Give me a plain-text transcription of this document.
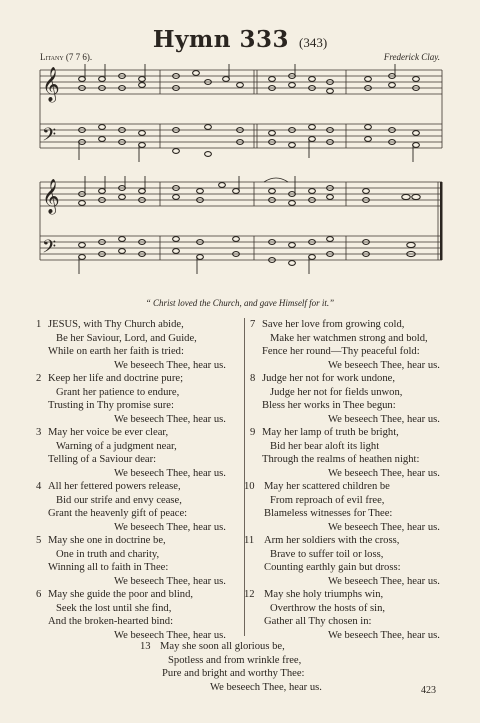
Hymn 333 (343)
Litany (7 7 6).	Frederick Clay.
𝄞
𝄢
𝄞
𝄢
“ Christ loved the Church, and gave Himself for it.”
1 JESUS, with Thy Church abide,
Be her Saviour, Lord, and Guide,
While on earth her faith is tried:
We beseech Thee, hear us.
2 Keep her life and doctrine pure;
Grant her patience to endure,
Trusting in Thy promise sure:
We beseech Thee, hear us.
3 May her voice be ever clear,
Warning of a judgment near,
Telling of a Saviour dear:
We beseech Thee, hear us.
4 All her fettered powers release,
Bid our strife and envy cease,
Grant the heavenly gift of peace:
We beseech Thee, hear us.
5 May she one in doctrine be,
One in truth and charity,
Winning all to faith in Thee:
We beseech Thee, hear us.
6 May she guide the poor and blind,
Seek the lost until she find,
And the broken-hearted bind:
We beseech Thee, hear us.
7 Save her love from growing cold,
Make her watchmen strong and bold,
Fence her round—Thy peaceful fold:
We beseech Thee, hear us.
8 Judge her not for work undone,
Judge her not for fields unwon,
Bless her works in Thee begun:
We beseech Thee, hear us.
9 May her lamp of truth be bright,
Bid her bear aloft its light
Through the realms of heathen night:
We beseech Thee, hear us.
10 May her scattered children be
From reproach of evil free,
Blameless witnesses for Thee:
We beseech Thee, hear us.
11 Arm her soldiers with the cross,
Brave to suffer toil or loss,
Counting earthly gain but dross:
We beseech Thee, hear us.
12 May she holy triumphs win,
Overthrow the hosts of sin,
Gather all Thy chosen in:
We beseech Thee, hear us.
13 May she soon all glorious be,
Spotless and from wrinkle free,
Pure and bright and worthy Thee:
We beseech Thee, hear us.	423
